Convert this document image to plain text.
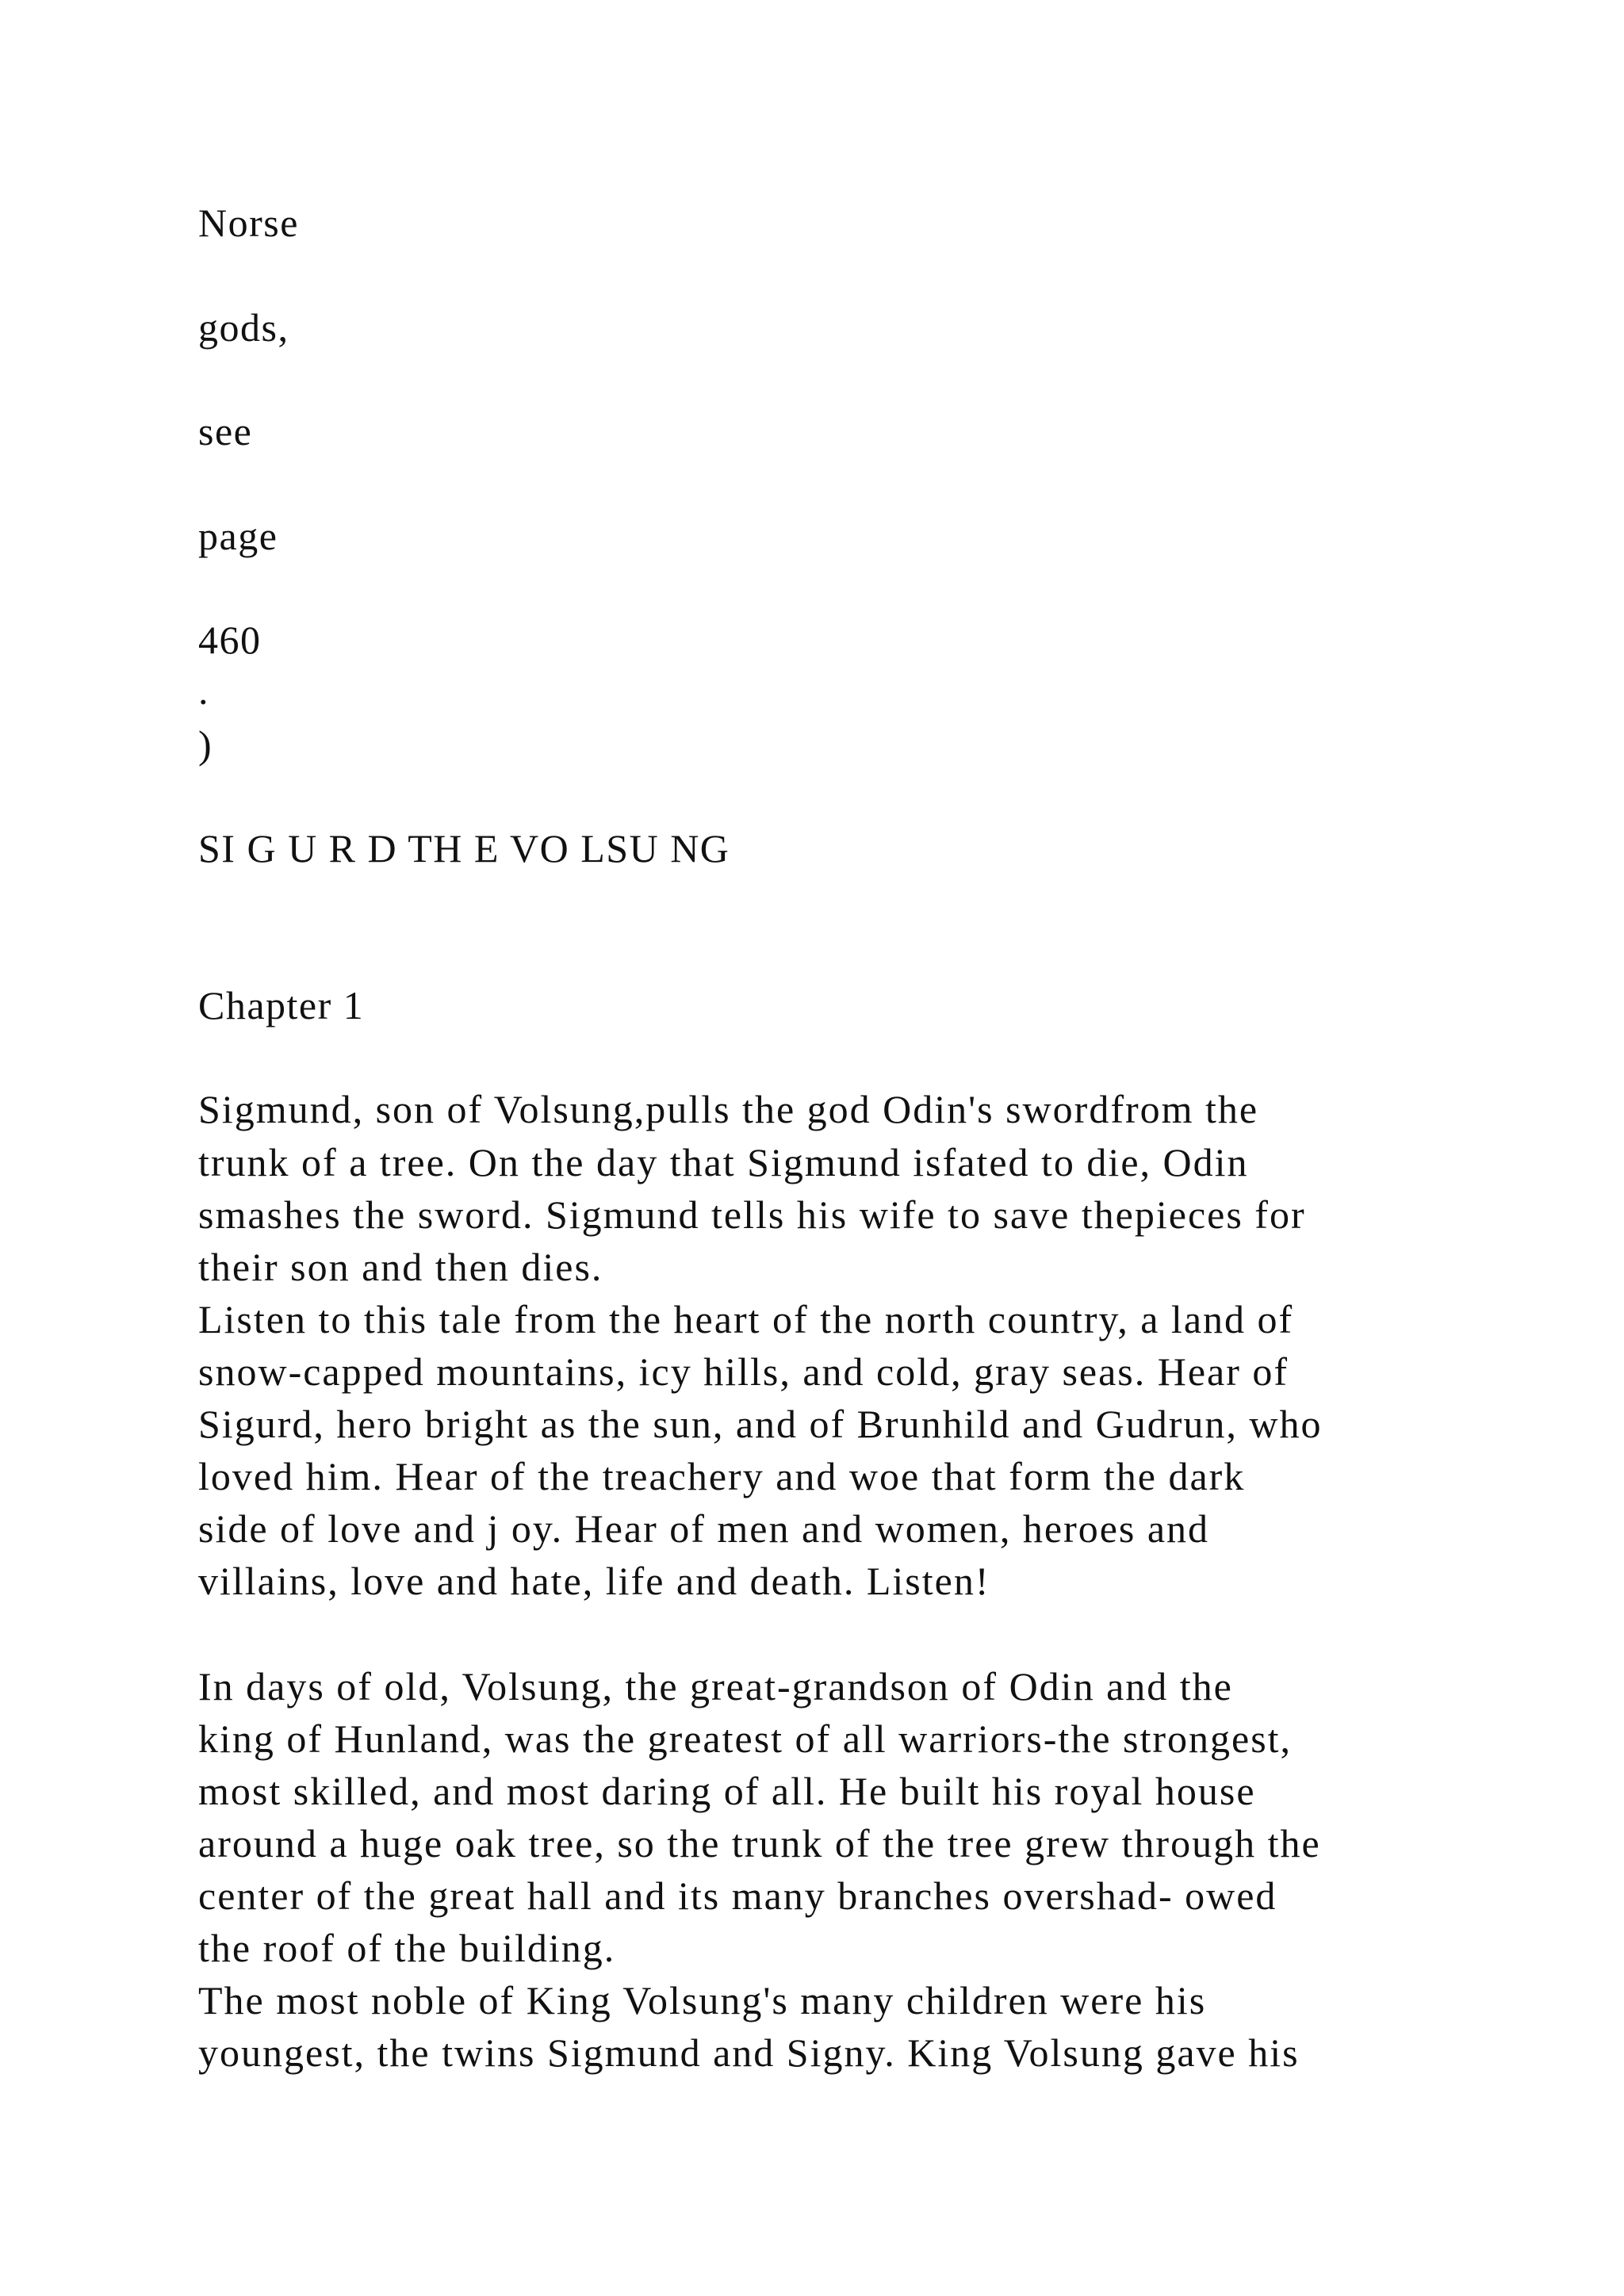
Norse
gods,
see
page
460
.
)
SI G U R D TH E VO LSU NG
Chapter 1
Sigmund, son of Volsung,pulls the god Odin's swordfrom the
trunk of a tree. On the day that Sigmund isfated to die, Odin
smashes the sword. Sigmund tells his wife to save thepieces for
their son and then dies.
Listen to this tale from the heart of the north country, a land of
snow-capped mountains, icy hills, and cold, gray seas. Hear of
Sigurd, hero bright as the sun, and of Brunhild and Gudrun, who
loved him. Hear of the treachery and woe that form the dark
side of love and j oy. Hear of men and women, heroes and
villains, love and hate, life and death. Listen!
In days of old, Volsung, the great-grandson of Odin and the
king of Hunland, was the greatest of all warriors-the strongest,
most skilled, and most daring of all. He built his royal house
around a huge oak tree, so the trunk of the tree grew through the
center of the great hall and its many branches overshad- owed
the roof of the building.
The most noble of King Volsung's many children were his
youngest, the twins Sigmund and Signy. King Volsung gave his
